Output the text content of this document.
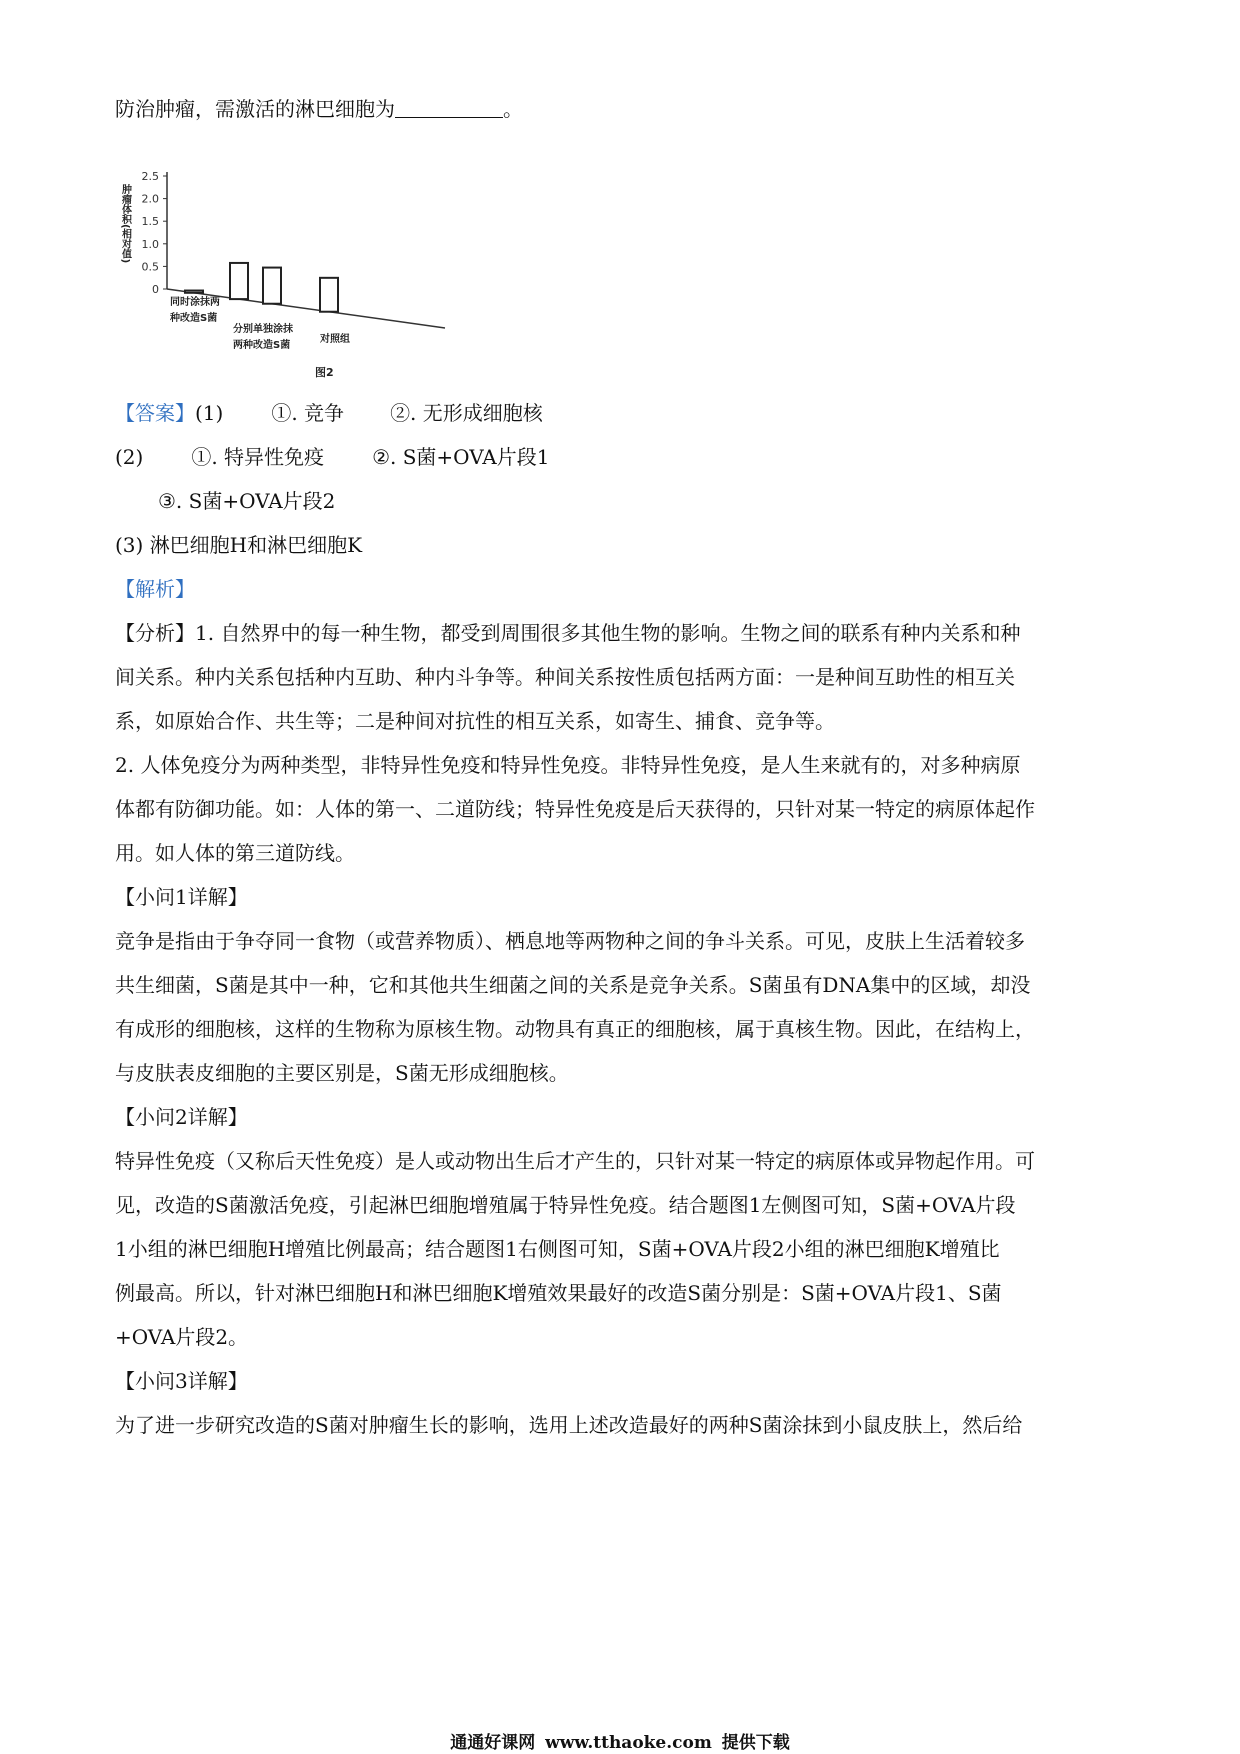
防治肿瘤，需激活的淋巴细胞为	。
0
0.5
1.0
1.5
2.0
2.5
肿瘤体积(相对值)
同时涂抹两
种改造S菌
分别单独涂抹
两种改造S菌
对照组
图2
【答案】(1) ①. 竞争 ②. 无形成细胞核
(2) ①. 特异性免疫 ②. S菌+OVA片段1
③. S菌+OVA片段2
(3) 淋巴细胞H和淋巴细胞K
【解析】
【分析】1. 自然界中的每一种生物，都受到周围很多其他生物的影响。生物之间的联系有种内关系和种
间关系。种内关系包括种内互助、种内斗争等。种间关系按性质包括两方面：一是种间互助性的相互关
系，如原始合作、共生等；二是种间对抗性的相互关系，如寄生、捕食、竞争等。
2. 人体免疫分为两种类型，非特异性免疫和特异性免疫。非特异性免疫，是人生来就有的，对多种病原
体都有防御功能。如：人体的第一、二道防线；特异性免疫是后天获得的，只针对某一特定的病原体起作
用。如人体的第三道防线。
【小问1详解】
竞争是指由于争夺同一食物（或营养物质）、栖息地等两物种之间的争斗关系。可见，皮肤上生活着较多
共生细菌，S菌是其中一种，它和其他共生细菌之间的关系是竞争关系。S菌虽有DNA集中的区域，却没
有成形的细胞核，这样的生物称为原核生物。动物具有真正的细胞核，属于真核生物。因此，在结构上，
与皮肤表皮细胞的主要区别是，S菌无形成细胞核。
【小问2详解】
特异性免疫（又称后天性免疫）是人或动物出生后才产生的，只针对某一特定的病原体或异物起作用。可
见，改造的S菌激活免疫，引起淋巴细胞增殖属于特异性免疫。结合题图1左侧图可知，S菌+OVA片段
1小组的淋巴细胞H增殖比例最高；结合题图1右侧图可知，S菌+OVA片段2小组的淋巴细胞K增殖比
例最高。所以，针对淋巴细胞H和淋巴细胞K增殖效果最好的改造S菌分别是：S菌+OVA片段1、S菌
+OVA片段2。
【小问3详解】
为了进一步研究改造的S菌对肿瘤生长的影响，选用上述改造最好的两种S菌涂抹到小鼠皮肤上，然后给
通通好课网 www.tthaoke.com 提供下载
